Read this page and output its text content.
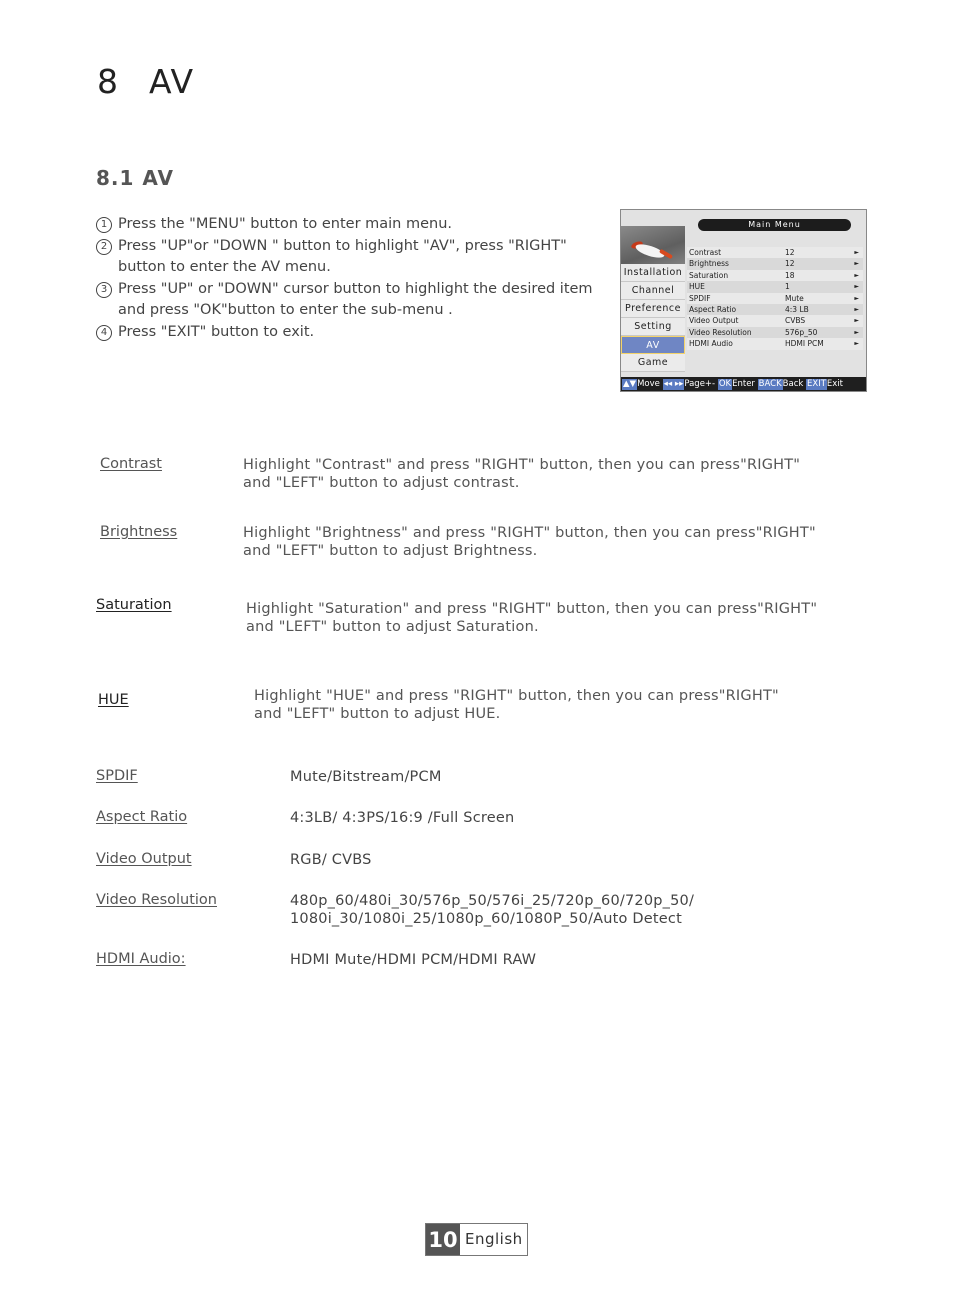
8 AV
8.1 AV
1 Press the "MENU" button to enter main menu.
2 Press "UP"or "DOWN " button to highlight "AV", press "RIGHT" button to enter the AV menu.
3 Press "UP" or "DOWN" cursor button to highlight the desired item and press "OK"button to enter the sub-menu .
4 Press "EXIT" button to exit.
Main Menu
Installation
Channel
Preference
Setting
AV
Game
Contrast	12	►
Brightness	12	►
Saturation	18	►
HUE	1	►
SPDIF	Mute	►
Aspect Ratio	4:3 LB	►
Video Output	CVBS	►
Video Resolution	576p_50	►
HDMI Audio	HDMI PCM	►
▲▼Move ◂◂ ▸▸Page+- OKEnter BACKBack EXITExit
Contrast	Highlight "Contrast" and press "RIGHT" button, then you can press"RIGHT"
and "LEFT" button to adjust contrast.
Brightness	Highlight "Brightness" and press "RIGHT" button, then you can press"RIGHT"
and "LEFT" button to adjust Brightness.
Saturation	Highlight "Saturation" and press "RIGHT" button, then you can press"RIGHT"
and "LEFT" button to adjust Saturation.
HUE	Highlight "HUE" and press "RIGHT" button, then you can press"RIGHT"
and "LEFT" button to adjust HUE.
SPDIF	Mute/Bitstream/PCM
Aspect Ratio	4:3LB/ 4:3PS/16:9 /Full Screen
Video Output	RGB/ CVBS
Video Resolution	480p_60/480i_30/576p_50/576i_25/720p_60/720p_50/
1080i_30/1080i_25/1080p_60/1080P_50/Auto Detect
HDMI Audio:	HDMI Mute/HDMI PCM/HDMI RAW
10 English
